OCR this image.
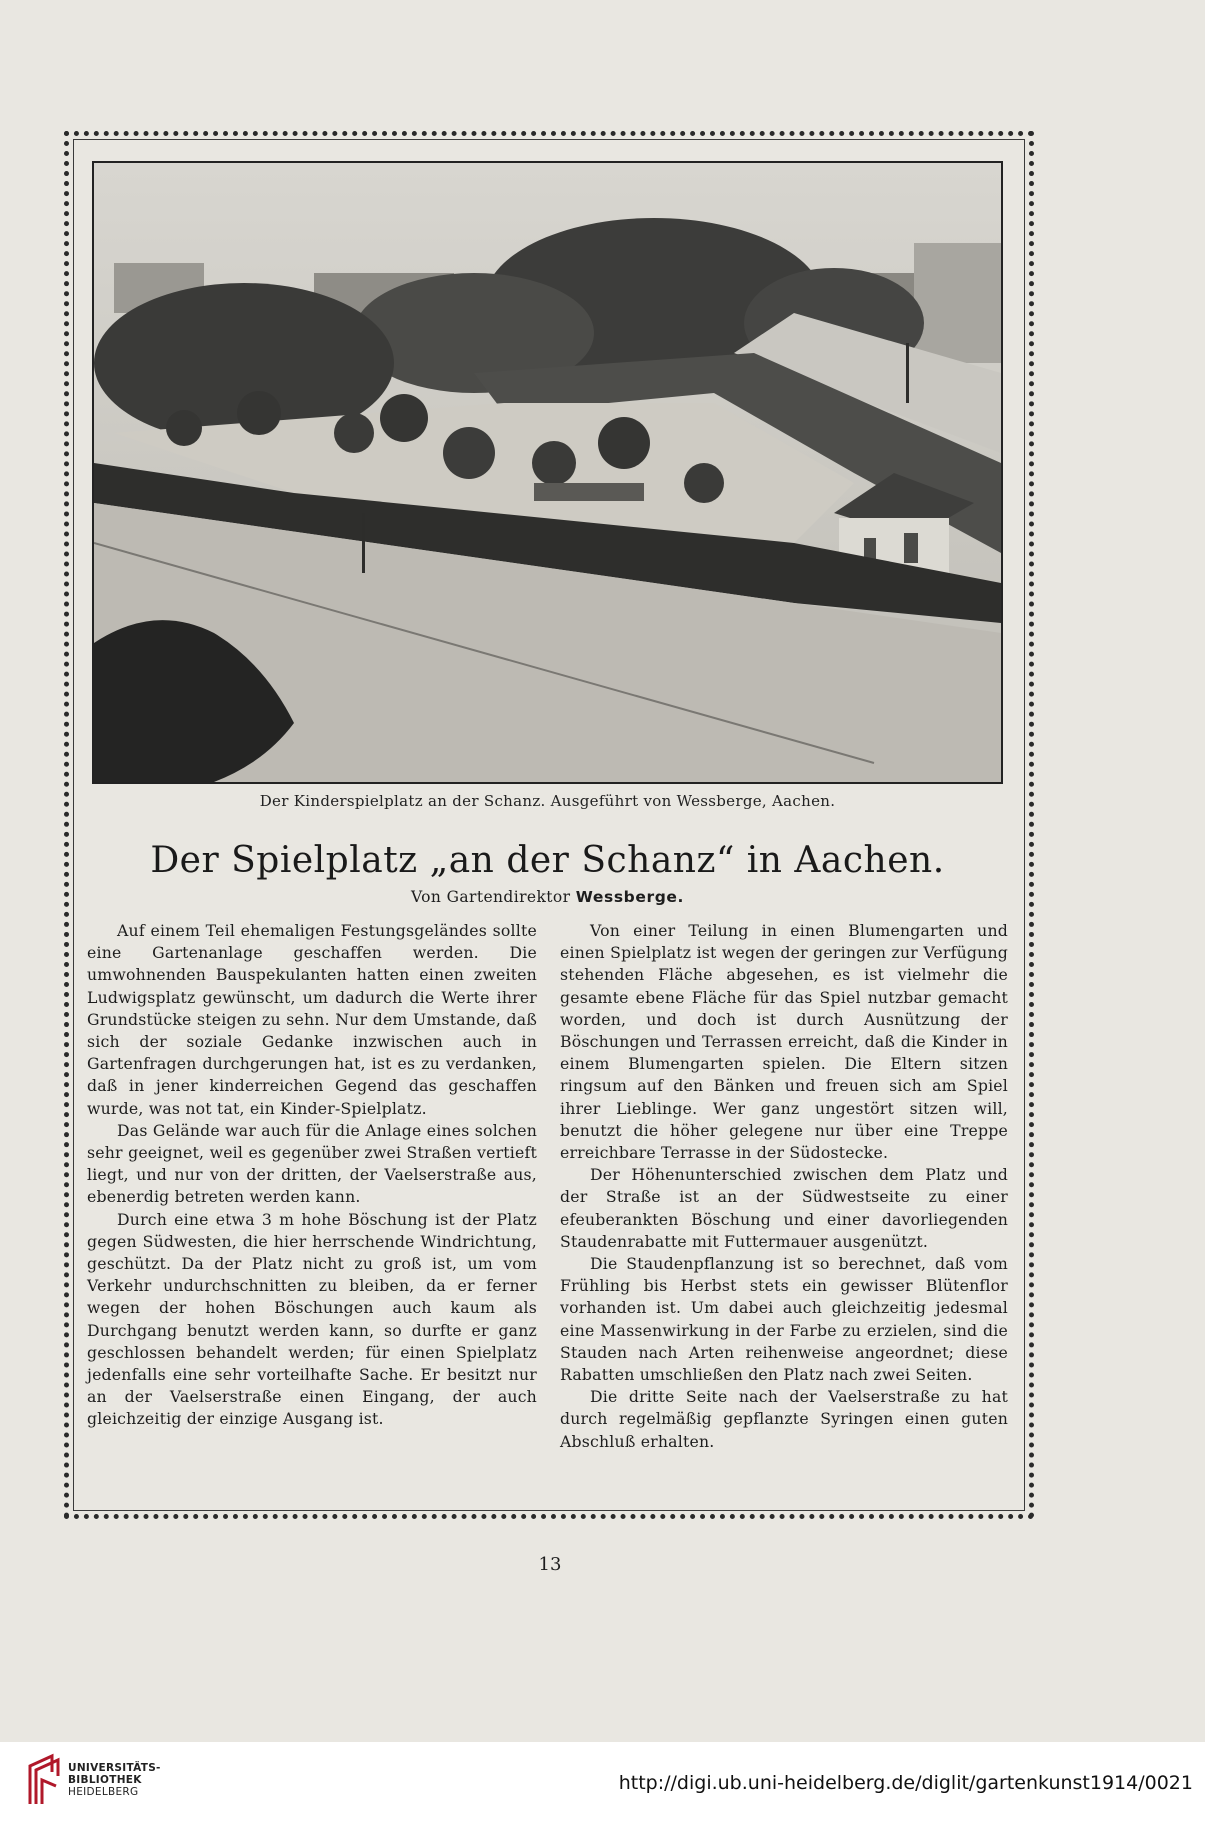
Der Kinderspielplatz an der Schanz. Ausgeführt von Wessberge, Aachen.
Der Spielplatz „an der Schanz“ in Aachen.
Von Gartendirektor Wessberge.

Auf einem Teil ehemaligen Festungsgeländes sollte eine Gartenanlage geschaffen werden. Die umwohnenden Bauspekulanten hatten einen zweiten Ludwigsplatz gewünscht, um dadurch die Werte ihrer Grundstücke steigen zu sehn. Nur dem Umstande, daß sich der soziale Gedanke inzwischen auch in Gartenfragen durchgerungen hat, ist es zu verdanken, daß in jener kinderreichen Gegend das geschaffen wurde, was not tat, ein Kinder-Spielplatz.

Das Gelände war auch für die Anlage eines solchen sehr geeignet, weil es gegenüber zwei Straßen vertieft liegt, und nur von der dritten, der Vaelserstraße aus, ebenerdig betreten werden kann.

Durch eine etwa 3 m hohe Böschung ist der Platz gegen Südwesten, die hier herrschende Windrichtung, geschützt. Da der Platz nicht zu groß ist, um vom Verkehr undurchschnitten zu bleiben, da er ferner wegen der hohen Böschungen auch kaum als Durchgang benutzt werden kann, so durfte er ganz geschlossen behandelt werden; für einen Spielplatz jedenfalls eine sehr vorteilhafte Sache. Er besitzt nur an der Vaelserstraße einen Eingang, der auch gleichzeitig der einzige Ausgang ist.

Von einer Teilung in einen Blumengarten und einen Spielplatz ist wegen der geringen zur Verfügung stehenden Fläche abgesehen, es ist vielmehr die gesamte ebene Fläche für das Spiel nutzbar gemacht worden, und doch ist durch Ausnützung der Böschungen und Terrassen erreicht, daß die Kinder in einem Blumengarten spielen. Die Eltern sitzen ringsum auf den Bänken und freuen sich am Spiel ihrer Lieblinge. Wer ganz ungestört sitzen will, benutzt die höher gelegene nur über eine Treppe erreichbare Terrasse in der Südostecke.

Der Höhenunterschied zwischen dem Platz und der Straße ist an der Südwestseite zu einer efeuberankten Böschung und einer davorliegenden Staudenrabatte mit Futtermauer ausgenützt.

Die Staudenpflanzung ist so berechnet, daß vom Frühling bis Herbst stets ein gewisser Blütenflor vorhanden ist. Um dabei auch gleichzeitig jedesmal eine Massenwirkung in der Farbe zu erzielen, sind die Stauden nach Arten reihenweise angeordnet; diese Rabatten umschließen den Platz nach zwei Seiten.

Die dritte Seite nach der Vaelserstraße zu hat durch regelmäßig gepflanzte Syringen einen guten Abschluß erhalten.

13
UNIVERSITÄTS-
BIBLIOTHEK
HEIDELBERG	http://digi.ub.uni-heidelberg.de/diglit/gartenkunst1914/0021
